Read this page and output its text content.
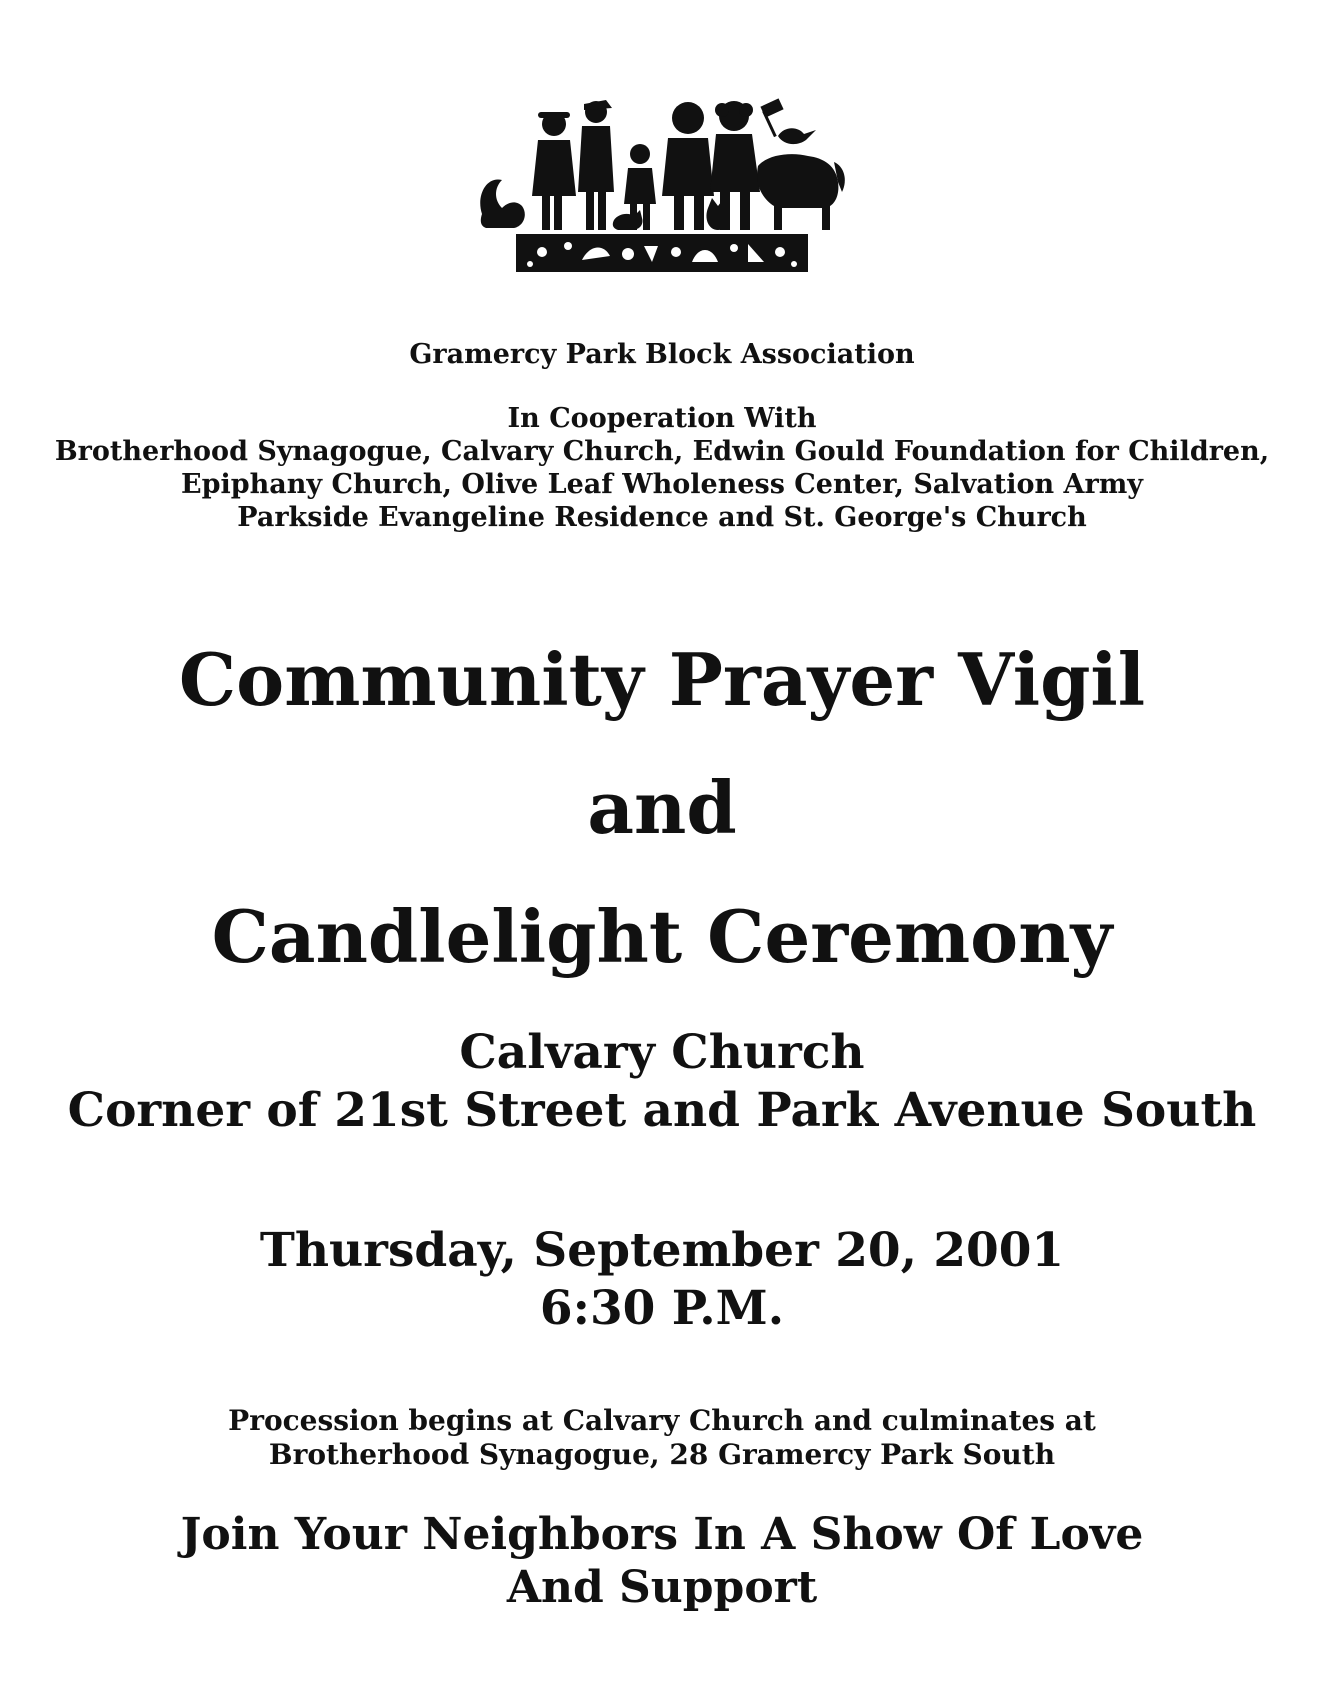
Gramercy Park Block Association
In Cooperation With
Brotherhood Synagogue, Calvary Church, Edwin Gould Foundation for Children,
Epiphany Church, Olive Leaf Wholeness Center, Salvation Army
Parkside Evangeline Residence and St. George's Church
Community Prayer Vigil
and
Candlelight Ceremony
Calvary Church
Corner of 21st Street and Park Avenue South
Thursday, September 20, 2001
6:30 P.M.
Procession begins at Calvary Church and culminates at
Brotherhood Synagogue, 28 Gramercy Park South
Join Your Neighbors In A Show Of Love
And Support
